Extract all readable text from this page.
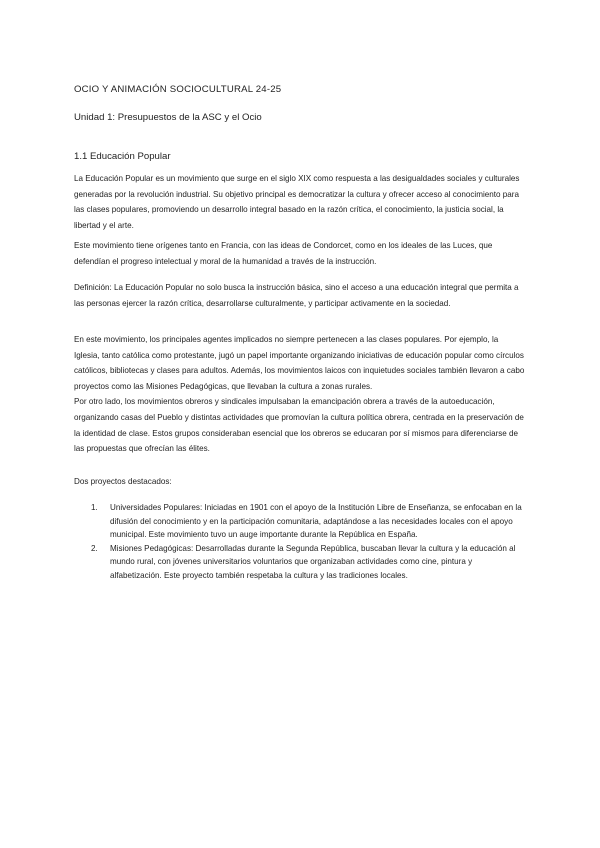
OCIO Y ANIMACIÓN SOCIOCULTURAL 24-25
Unidad 1: Presupuestos de la ASC y el Ocio
1.1 Educación Popular
La Educación Popular es un movimiento que surge en el siglo XIX como respuesta a las desigualdades sociales y culturales generadas por la revolución industrial. Su objetivo principal es democratizar la cultura y ofrecer acceso al conocimiento para las clases populares, promoviendo un desarrollo integral basado en la razón crítica, el conocimiento, la justicia social, la libertad y el arte.
Este movimiento tiene orígenes tanto en Francia, con las ideas de Condorcet, como en los ideales de las Luces, que defendían el progreso intelectual y moral de la humanidad a través de la instrucción.
Definición: La Educación Popular no solo busca la instrucción básica, sino el acceso a una educación integral que permita a las personas ejercer la razón crítica, desarrollarse culturalmente, y participar activamente en la sociedad.
En este movimiento, los principales agentes implicados no siempre pertenecen a las clases populares. Por ejemplo, la Iglesia, tanto católica como protestante, jugó un papel importante organizando iniciativas de educación popular como círculos católicos, bibliotecas y clases para adultos. Además, los movimientos laicos con inquietudes sociales también llevaron a cabo proyectos como las Misiones Pedagógicas, que llevaban la cultura a zonas rurales.
Por otro lado, los movimientos obreros y sindicales impulsaban la emancipación obrera a través de la autoeducación, organizando casas del Pueblo y distintas actividades que promovían la cultura política obrera, centrada en la preservación de la identidad de clase. Estos grupos consideraban esencial que los obreros se educaran por sí mismos para diferenciarse de las propuestas que ofrecían las élites.
Dos proyectos destacados:
1. Universidades Populares: Iniciadas en 1901 con el apoyo de la Institución Libre de Enseñanza, se enfocaban en la difusión del conocimiento y en la participación comunitaria, adaptándose a las necesidades locales con el apoyo municipal. Este movimiento tuvo un auge importante durante la República en España.
2. Misiones Pedagógicas: Desarrolladas durante la Segunda República, buscaban llevar la cultura y la educación al mundo rural, con jóvenes universitarios voluntarios que organizaban actividades como cine, pintura y alfabetización. Este proyecto también respetaba la cultura y las tradiciones locales.
